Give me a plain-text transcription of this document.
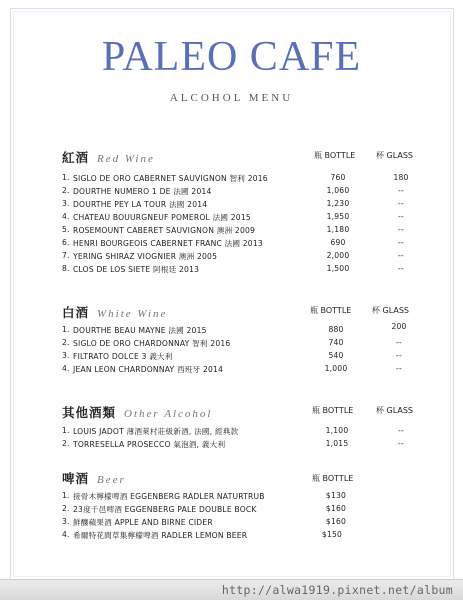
PALEO CAFE
ALCOHOL MENU
紅酒 Red Wine	瓶 BOTTLE	杯 GLASS
1. SIGLO DE ORO CABERNET SAUVIGNON 智利 2016	760	180
2. DOURTHE NUMERO 1 DE 法國 2014	1,060	--
3. DOURTHE PEY LA TOUR 法國 2014	1,230	--
4. CHATEAU BOUURGNEUF POMEROL 法國 2015	1,950	--
5. ROSEMOUNT CABERET SAUVIGNON 澳洲 2009	1,180	--
6. HENRI BOURGEOIS CABERNET FRANC 法國 2013	690	--
7. YERING SHIRAZ VIOGNIER 澳洲 2005	2,000	--
8. CLOS DE LOS SIETE 阿根廷 2013	1,500	--
白酒 White Wine	瓶 BOTTLE	杯 GLASS
1. DOURTHE BEAU MAYNE 法國 2015	880	200
2. SIGLO DE ORO CHARDONNAY 智利 2016	740	--
3. FILTRATO DOLCE 3 義大利	540	--
4. JEAN LEON CHARDONNAY 西班牙 2014	1,000	--
其他酒類 Other Alcohol	瓶 BOTTLE	杯 GLASS
1. LOUIS JADOT 薄酒萊村莊級新酒, 法國, 經典款	1,100	--
2. TORRESELLA PROSECCO 氣泡酒, 義大利	1,015	--
啤酒 Beer	瓶 BOTTLE
1. 接骨木檸檬啤酒 EGGENBERG RADLER NATURTRUB	$130
2. 23度千邑啤酒 EGGENBERG PALE DOUBLE BOCK	$160
3. 鮮釀蘋果酒 APPLE AND BIRNE CIDER	$160
4. 希爾特花間草集檸檬啤酒 RADLER LEMON BEER	$150
http://alwa1919.pixnet.net/album
